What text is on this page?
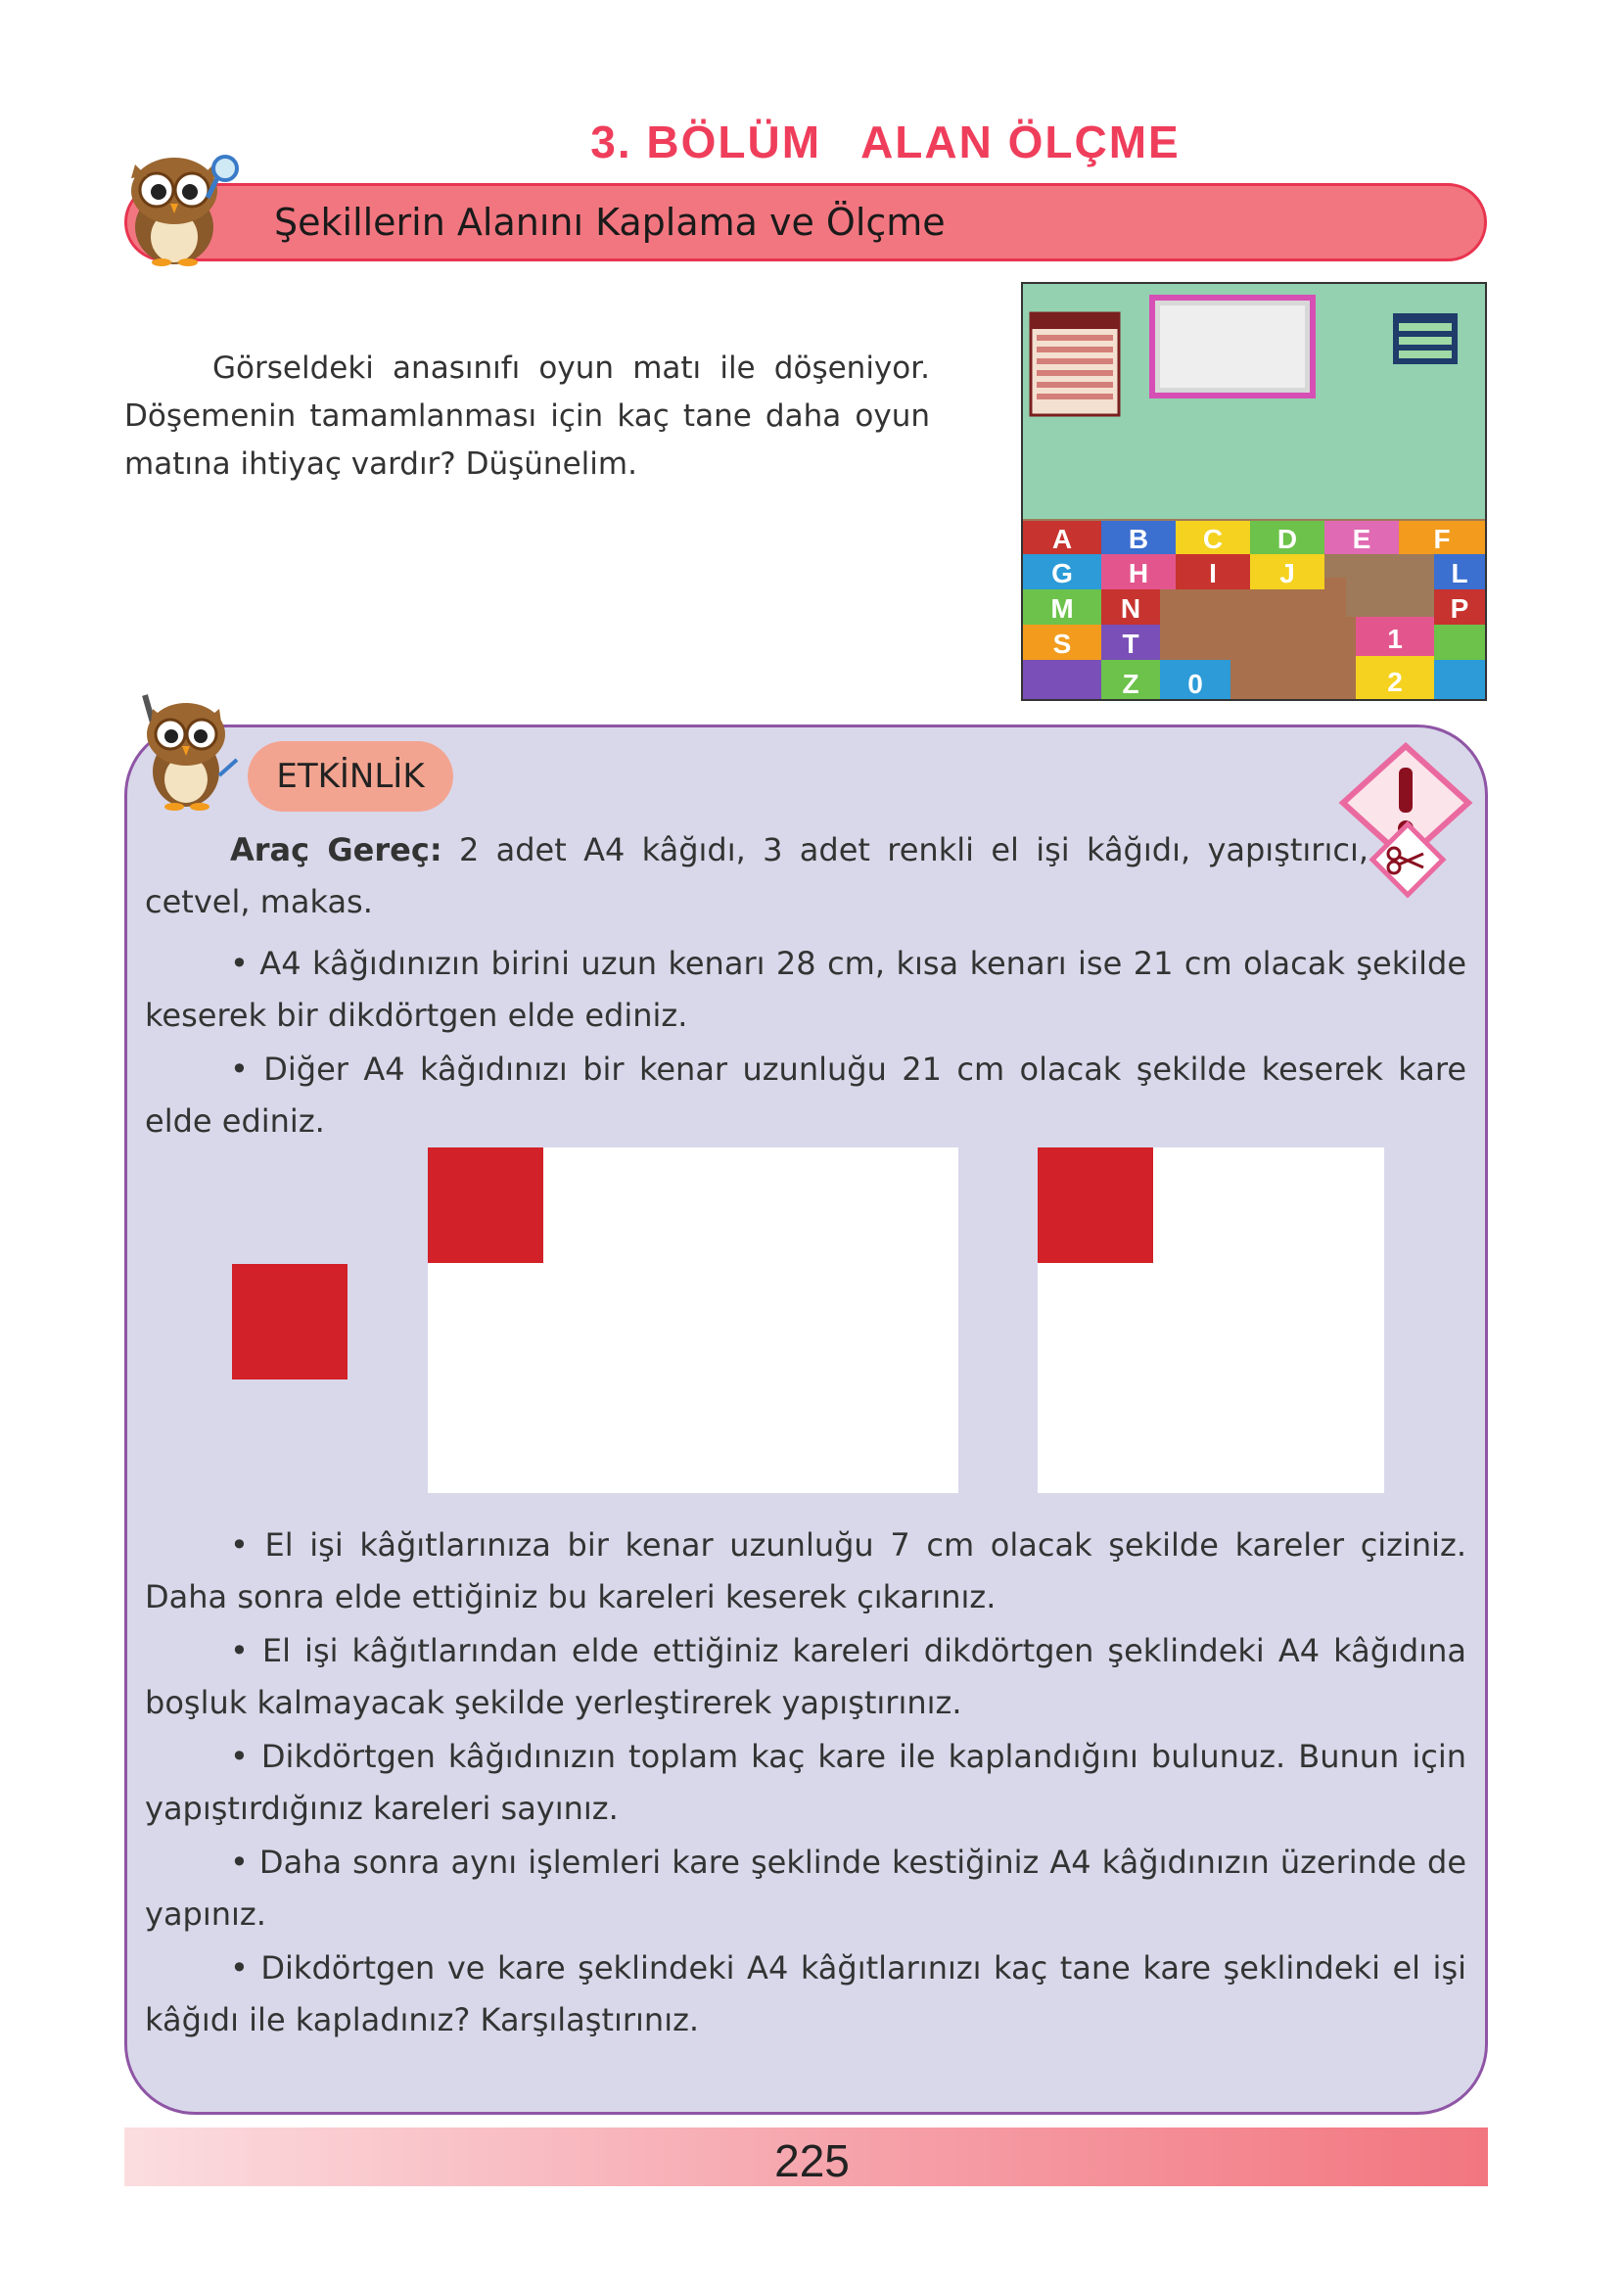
3. BÖLÜM ALAN ÖLÇME
Şekillerin Alanını Kaplama ve Ölçme
Görseldeki anasınıfı oyun matı ile döşeniyor. Döşemenin tamamlanması için kaç tane daha oyun matına ihtiyaç vardır? Düşünelim.
A B C D E F
G H I J	L
M N	P
S T	1
Z 0	2
ETKİNLİK
Araç Gereç: 2 adet A4 kâğıdı, 3 adet renkli el işi kâğıdı, yapıştırıcı, cetvel, makas.
• A4 kâğıdınızın birini uzun kenarı 28 cm, kısa kenarı ise 21 cm olacak şekilde keserek bir dikdörtgen elde ediniz.
• Diğer A4 kâğıdınızı bir kenar uzunluğu 21 cm olacak şekilde keserek kare elde ediniz.
• El işi kâğıtlarınıza bir kenar uzunluğu 7 cm olacak şekilde kareler çiziniz. Daha sonra elde ettiğiniz bu kareleri keserek çıkarınız.
• El işi kâğıtlarından elde ettiğiniz kareleri dikdörtgen şeklindeki A4 kâğıdına boşluk kalmayacak şekilde yerleştirerek yapıştırınız.
• Dikdörtgen kâğıdınızın toplam kaç kare ile kaplandığını bulunuz. Bunun için yapıştırdığınız kareleri sayınız.
• Daha sonra aynı işlemleri kare şeklinde kestiğiniz A4 kâğıdınızın üzerinde de yapınız.
• Dikdörtgen ve kare şeklindeki A4 kâğıtlarınızı kaç tane kare şeklindeki el işi kâğıdı ile kapladınız? Karşılaştırınız.
225
